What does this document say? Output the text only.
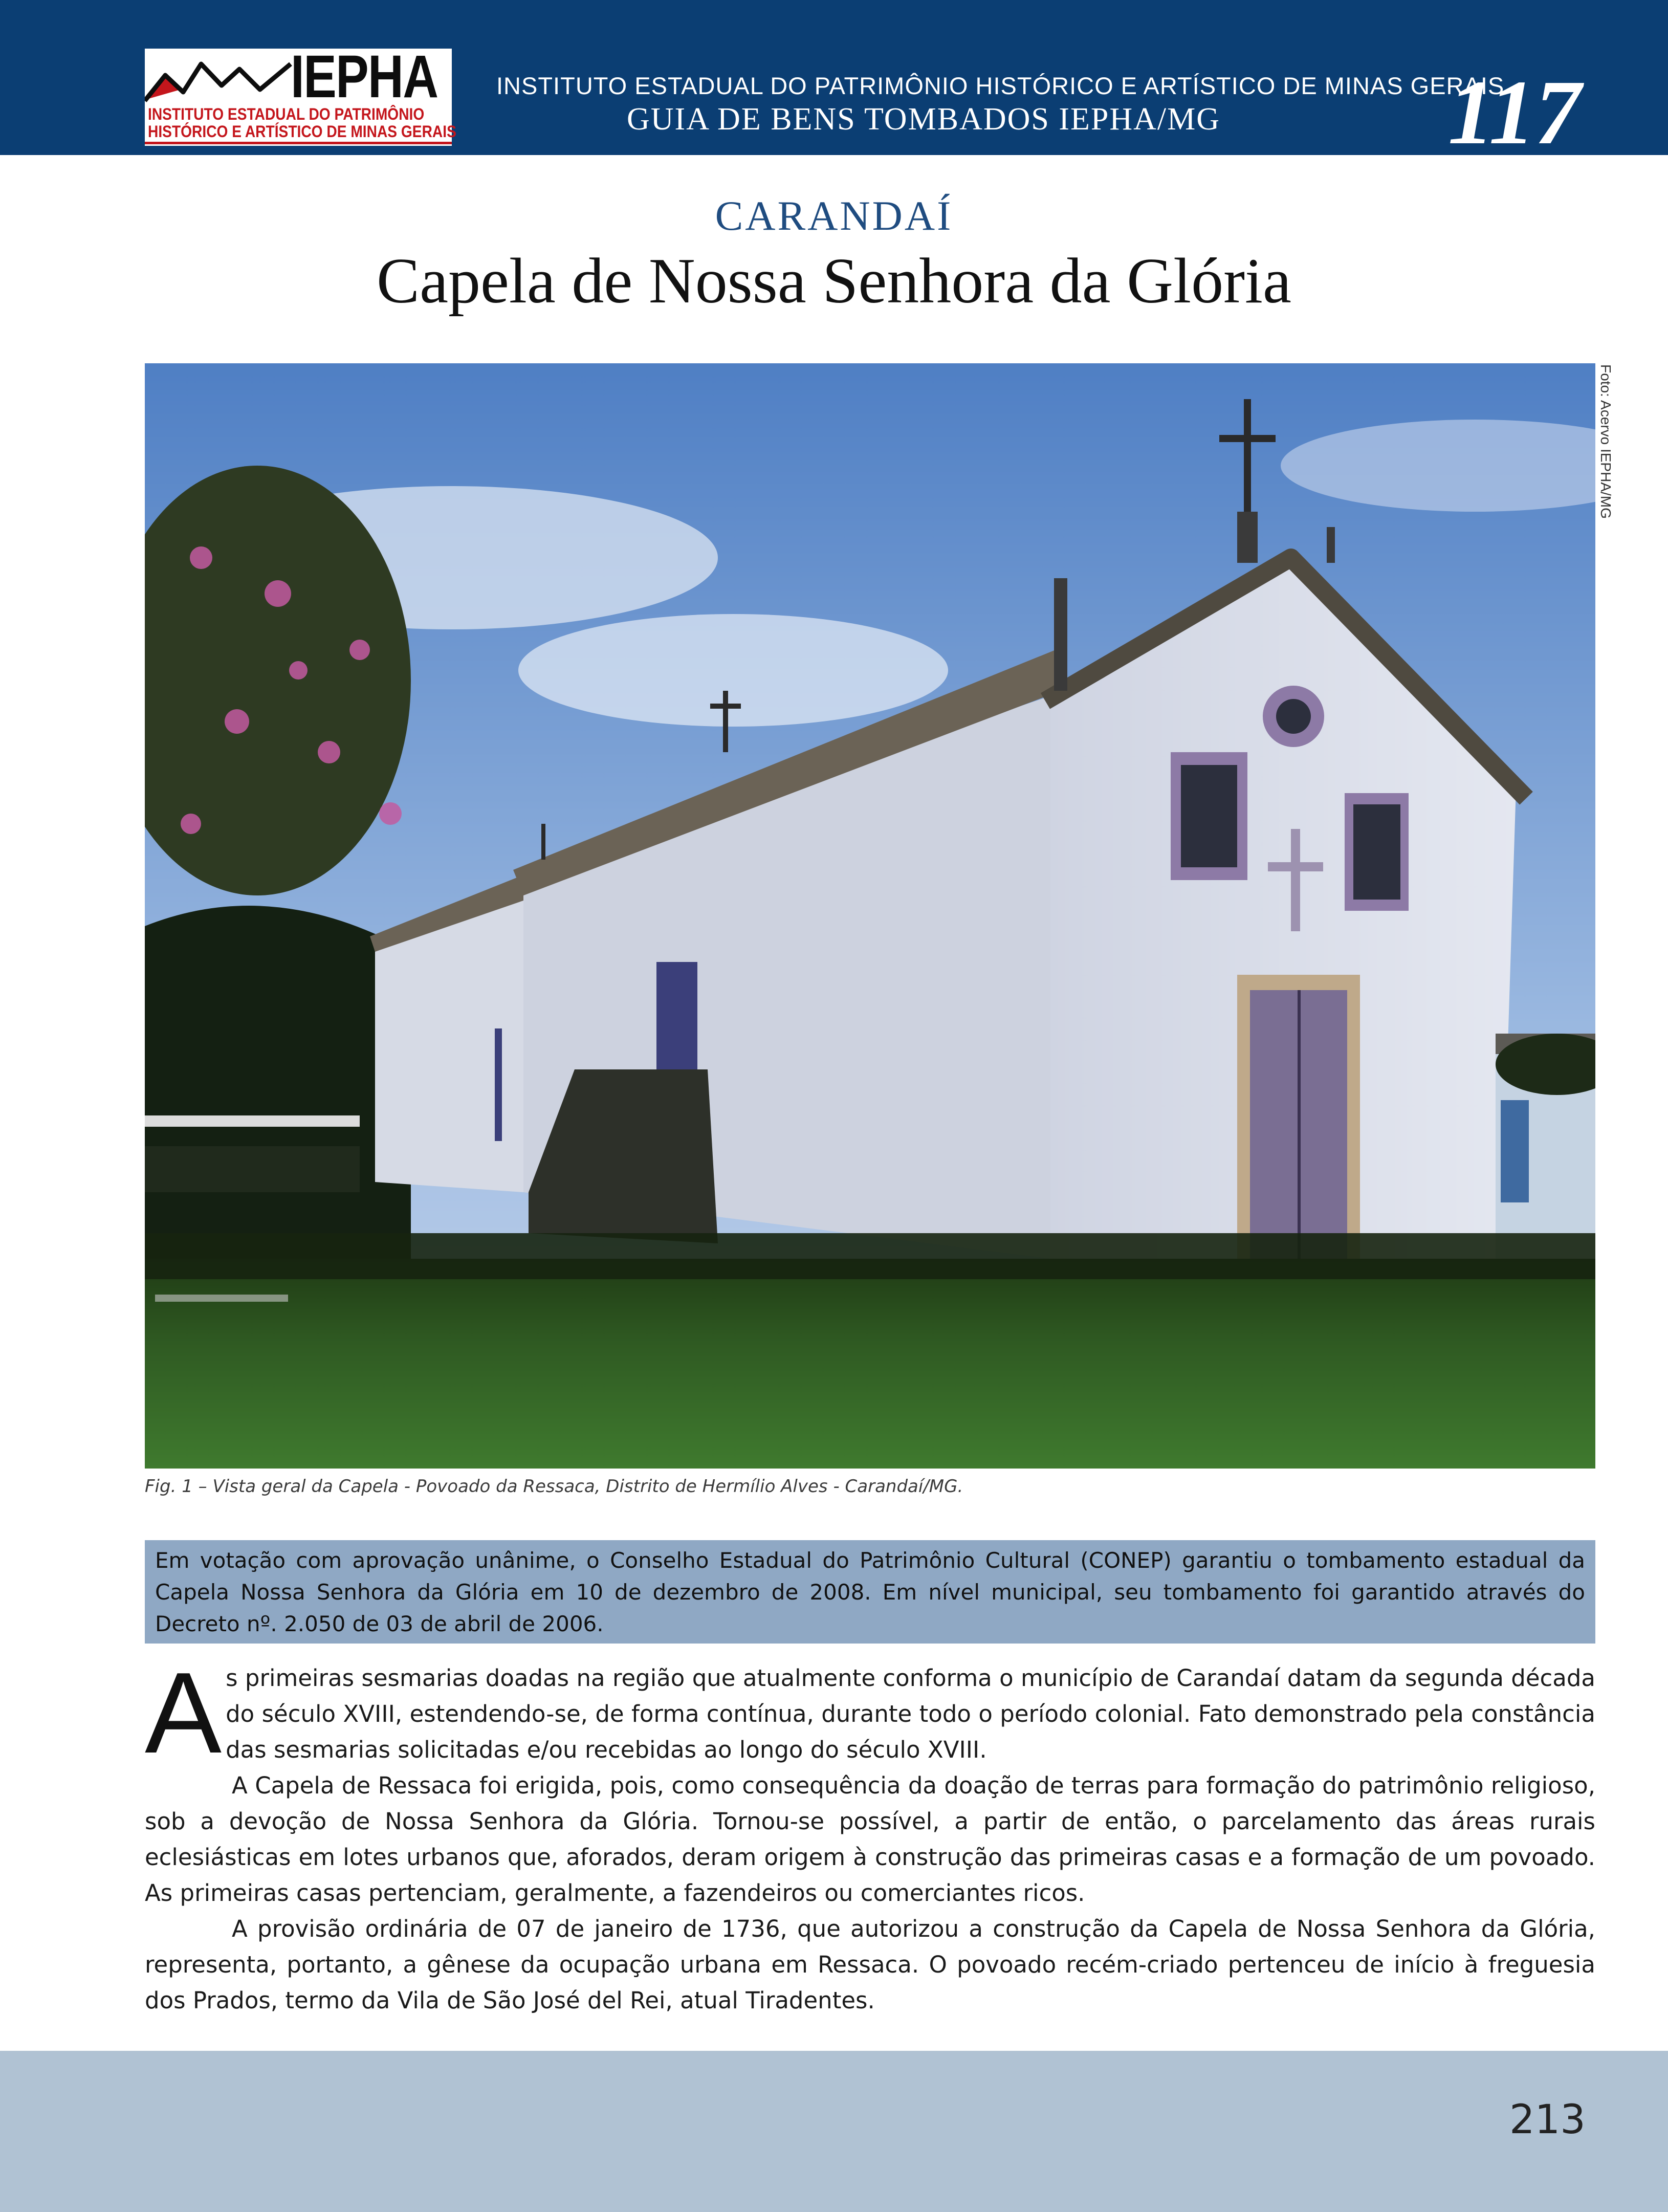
IEPHA
INSTITUTO ESTADUAL DO PATRIMÔNIO
HISTÓRICO E ARTÍSTICO DE MINAS GERAIS
INSTITUTO ESTADUAL DO PATRIMÔNIO HISTÓRICO E ARTÍSTICO DE MINAS GERAIS
GUIA DE BENS TOMBADOS IEPHA/MG	117
CARANDAÍ
Capela de Nossa Senhora da Glória
Foto: Acervo IEPHA/MG
Fig. 1 – Vista geral da Capela - Povoado da Ressaca, Distrito de Hermílio Alves - Carandaí/MG.
Em votação com aprovação unânime, o Conselho Estadual do Patrimônio Cultural (CONEP) garantiu o tombamento estadual da Capela Nossa Senhora da Glória em 10 de dezembro de 2008. Em nível municipal, seu tombamento foi garantido através do Decreto nº. 2.050 de 03 de abril de 2006.

As primeiras sesmarias doadas na região que atualmente conforma o município de Carandaí datam da segunda década do século XVIII, estendendo-se, de forma contínua, durante todo o período colonial. Fato demonstrado pela constância das sesmarias solicitadas e/ou recebidas ao longo do século XVIII.

A Capela de Ressaca foi erigida, pois, como consequência da doação de terras para formação do patrimônio religioso, sob a devoção de Nossa Senhora da Glória. Tornou-se possível, a partir de então, o parcelamento das áreas rurais eclesiásticas em lotes urbanos que, aforados, deram origem à construção das primeiras casas e a formação de um povoado. As primeiras casas pertenciam, geralmente, a fazendeiros ou comerciantes ricos.

A provisão ordinária de 07 de janeiro de 1736, que autorizou a construção da Capela de Nossa Senhora da Glória, representa, portanto, a gênese da ocupação urbana em Ressaca. O povoado recém-criado pertenceu de início à freguesia dos Prados, termo da Vila de São José del Rei, atual Tiradentes.

213
